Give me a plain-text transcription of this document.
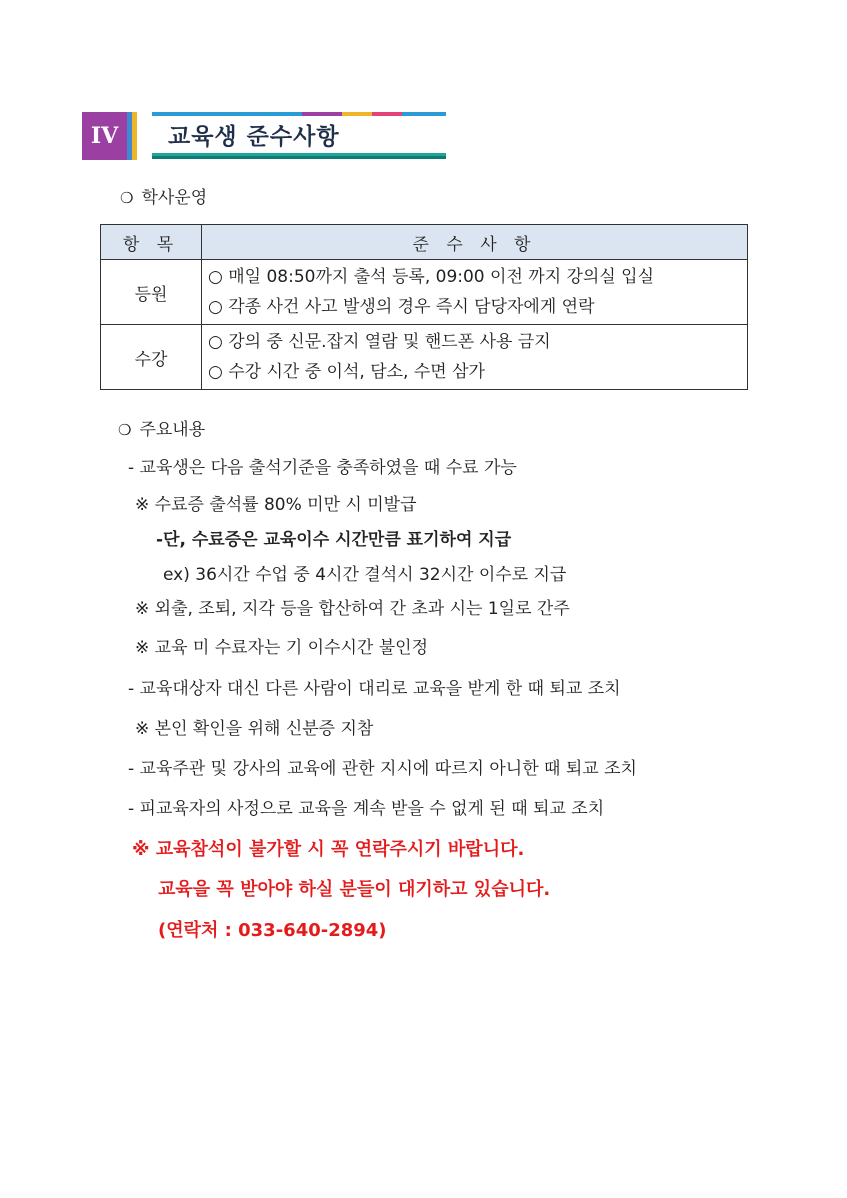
IV	교육생 준수사항
❍ 학사운영
항 목	준 수 사 항
등원	○ 매일 08:50까지 출석 등록, 09:00 이전 까지 강의실 입실
○ 각종 사건 사고 발생의 경우 즉시 담당자에게 연락

수강	○ 강의 중 신문.잡지 열람 및 핸드폰 사용 금지
○ 수강 시간 중 이석, 담소, 수면 삼가
❍ 주요내용
- 교육생은 다음 출석기준을 충족하였을 때 수료 가능
※ 수료증 출석률 80% 미만 시 미발급
-단, 수료증은 교육이수 시간만큼 표기하여 지급
ex) 36시간 수업 중 4시간 결석시 32시간 이수로 지급
※ 외출, 조퇴, 지각 등을 합산하여 간 초과 시는 1일로 간주
※ 교육 미 수료자는 기 이수시간 불인정
- 교육대상자 대신 다른 사람이 대리로 교육을 받게 한 때 퇴교 조치
※ 본인 확인을 위해 신분증 지참
- 교육주관 및 강사의 교육에 관한 지시에 따르지 아니한 때 퇴교 조치
- 피교육자의 사정으로 교육을 계속 받을 수 없게 된 때 퇴교 조치
※ 교육참석이 불가할 시 꼭 연락주시기 바랍니다.
교육을 꼭 받아야 하실 분들이 대기하고 있습니다.
(연락처 : 033-640-2894)
